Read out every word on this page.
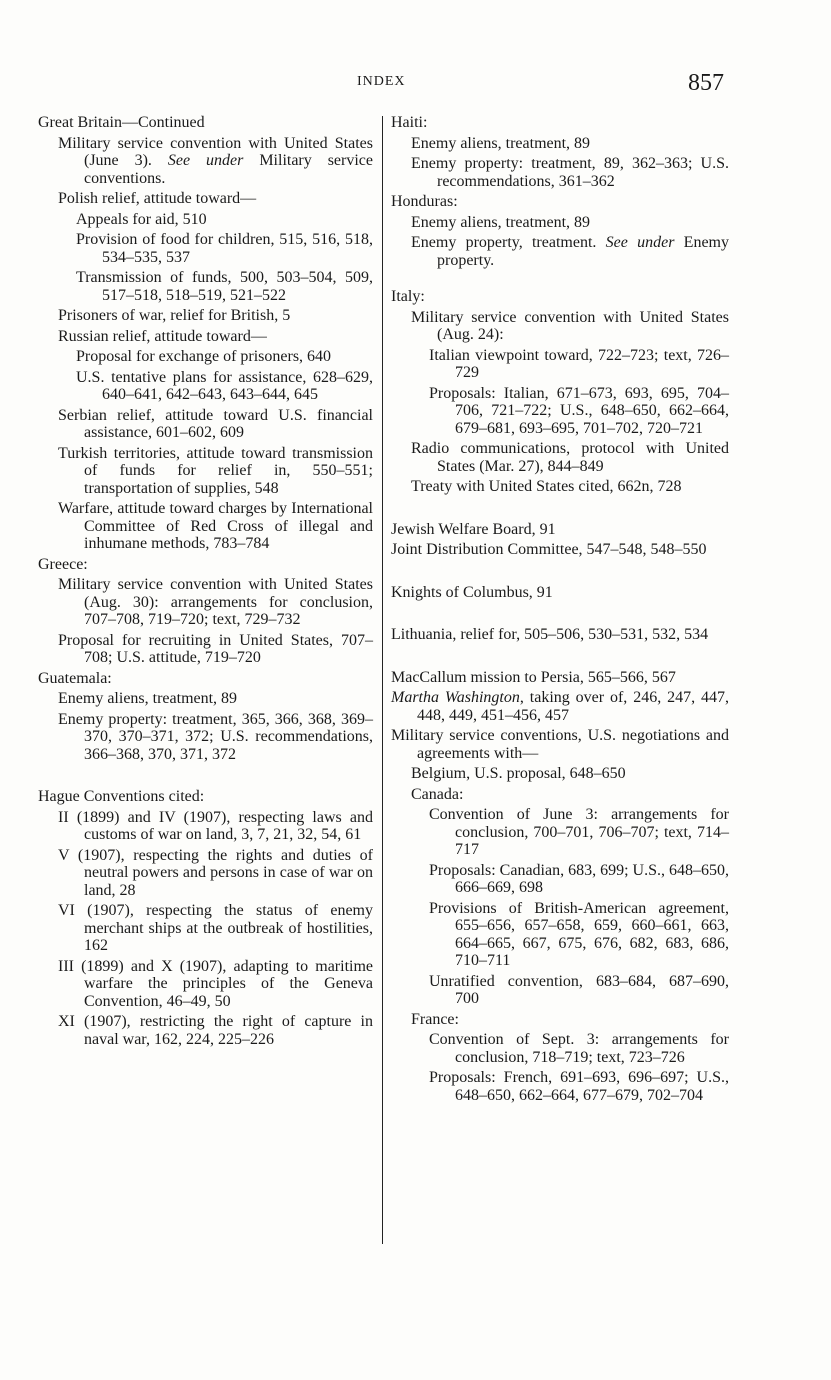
INDEX	857

Great Britain—Continued

Military service convention with United States (June 3). See under Military service conventions.

Polish relief, attitude toward—

Appeals for aid, 510

Provision of food for children, 515, 516, 518, 534–535, 537

Transmission of funds, 500, 503–504, 509, 517–518, 518–519, 521–522

Prisoners of war, relief for British, 5

Russian relief, attitude toward—

Proposal for exchange of prisoners, 640

U.S. tentative plans for assistance, 628–629, 640–641, 642–643, 643–644, 645

Serbian relief, attitude toward U.S. financial assistance, 601–602, 609

Turkish territories, attitude toward transmission of funds for relief in, 550–551; transportation of supplies, 548

Warfare, attitude toward charges by International Committee of Red Cross of illegal and inhumane methods, 783–784

Greece:

Military service convention with United States (Aug. 30): arrangements for conclusion, 707–708, 719–720; text, 729–732

Proposal for recruiting in United States, 707–708; U.S. attitude, 719–720

Guatemala:

Enemy aliens, treatment, 89

Enemy property: treatment, 365, 366, 368, 369–370, 370–371, 372; U.S. recommendations, 366–368, 370, 371, 372

Hague Conventions cited:

II (1899) and IV (1907), respecting laws and customs of war on land, 3, 7, 21, 32, 54, 61

V (1907), respecting the rights and duties of neutral powers and persons in case of war on land, 28

VI (1907), respecting the status of enemy merchant ships at the outbreak of hostilities, 162

III (1899) and X (1907), adapting to maritime warfare the principles of the Geneva Convention, 46–49, 50

XI (1907), restricting the right of capture in naval war, 162, 224, 225–226

Haiti:

Enemy aliens, treatment, 89

Enemy property: treatment, 89, 362–363; U.S. recommendations, 361–362

Honduras:

Enemy aliens, treatment, 89

Enemy property, treatment. See under Enemy property.

Italy:

Military service convention with United States (Aug. 24):

Italian viewpoint toward, 722–723; text, 726–729

Proposals: Italian, 671–673, 693, 695, 704–706, 721–722; U.S., 648–650, 662–664, 679–681, 693–695, 701–702, 720–721

Radio communications, protocol with United States (Mar. 27), 844–849

Treaty with United States cited, 662n, 728

Jewish Welfare Board, 91

Joint Distribution Committee, 547–548, 548–550

Knights of Columbus, 91

Lithuania, relief for, 505–506, 530–531, 532, 534

MacCallum mission to Persia, 565–566, 567

Martha Washington, taking over of, 246, 247, 447, 448, 449, 451–456, 457

Military service conventions, U.S. negotiations and agreements with—

Belgium, U.S. proposal, 648–650

Canada:

Convention of June 3: arrangements for conclusion, 700–701, 706–707; text, 714–717

Proposals: Canadian, 683, 699; U.S., 648–650, 666–669, 698

Provisions of British-American agreement, 655–656, 657–658, 659, 660–661, 663, 664–665, 667, 675, 676, 682, 683, 686, 710–711

Unratified convention, 683–684, 687–690, 700

France:

Convention of Sept. 3: arrangements for conclusion, 718–719; text, 723–726

Proposals: French, 691–693, 696–697; U.S., 648–650, 662–664, 677–679, 702–704
